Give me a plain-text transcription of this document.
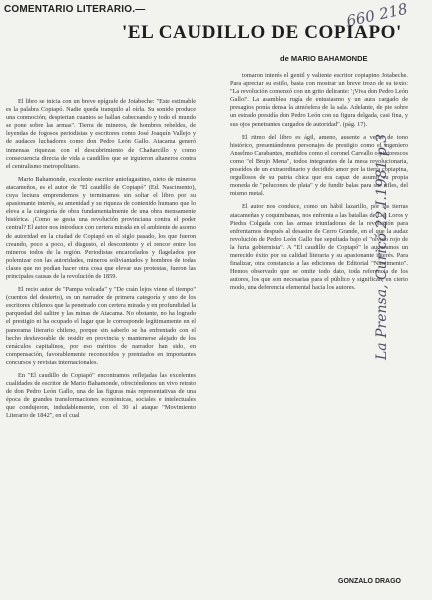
COMENTARIO LITERARIO.—	660 218
'EL CAUDILLO DE COPIAPO'
de MARIO BAHAMONDE

El libro se inicia con un breve epígrafe de Jotabeche: "Este estimable es la palabra Copiapó. Nadie queda tranquilo al oírla. Su sonido produce una conmoción; despiertan cuantos se hallan cabeceando y todo el mundo se pone sobre las armas". Tierra de mineros, de hombres rebeldes, de leyendas de fogosos periodistas y escritores como José Joaquín Vallejo y de audaces luchadores como don Pedro León Gallo. Atacama generó inmensas riquezas con el descubrimiento de Chañarcillo y como consecuencia directa de vida a caudillos que se irguieron altaneros contra el centralismo metropolitano.

Mario Bahamonde, excelente escritor antofagastino, nieto de mineros atacameños, es el autor de "El caudillo de Copiapó" (Ed. Nascimento), cuya lectura emprendemos y terminamos sin soltar el libro por su apasionante interés, su amenidad y su riqueza de contenido humano que lo eleva a la categoría de obra fundamentalmente de una obra mensamente histórica. ¡Como se gesta una revolución provinciana contra el poder central? El autor nos introduce con certera mirada en el ambiente de asomo de autoridad en la ciudad de Copiapó en el siglo pasado, los que fueron creando, poco a poco, el disgusto, el descontento y el rencor entre los mineros todos de la región. Periodistas encarcelados y flagelados por polemizar con las autoridades, mineros soliviantados y hombres de todas clases que no podían hacer otra cosa que elevar sus protestas, fueron las principales causas de la revolución de 1859.

El recio autor de "Pampa volcada" y "De cuán lejos viene el tiempo" (cuentos del desierto), es un narrador de primera categoría y uno de los escritores chilenos que la penetrado con certera mirada y en profundidad la parquedad del salitre y las minas de Atacama. No obstante, no ha logrado el prestigio ni ha ocupado el lugar que le corresponde legítimamente en el panorama literario chileno, porque sin saberlo se ha enfrentado con el hecho desfavorable de residir en provincia y mantenerse alejado de los cenáculos capitalinos, por eso méritos de narrador han sido, en compensación, favorablemente reconocidos y premiados en importantes concursos y revistas internacionales.

En "El caudillo de Copiapó" encontramos reflejadas las excelentes cualidades de escritor de Mario Bahamonde, ofreciéndonos un vivo retrato de don Pedro León Gallo, una de las figuras más representativas de una época de grandes transformaciones económicas, sociales e intelectuales que condujeron, indudablemente, con el 30 al ataque "Movimiento Literario de 1842", en el cual

tomaron interés el gentil y valiente escritor copiapino Jotabeche. Para apreciar su estilo, basta con mostrar un breve trozo de su texto: "La revolución comenzó con un grito delirante: '¡Viva don Pedro León Gallo!'. La asamblea rugía de entusiasmo y un aura cargado de presagios ponía densa la atmósfera de la sala. Adelante, de pie sobre un estrado presidía don Pedro León con su figura delgada, casi fina, y sus ojos penetrantes cargados de autoridad". (pág. 17).

El ritmo del libro es ágil, ameno, ausente a veces de tono histórico, presentándonos personajes de prestigio como el ingeniero Anselmo Carabantes, muñidos como el coronel Carvallo o pintorescos como "el Brujo Mena", todos integrantes de la mesa revolucionaria, poseídos de un extraordinario y decidido amor por la tierra copiapina, orgullosos de su patria chica que era capaz de asumir su propia moneda de "pelucones de plata" y de fundir balas para sus rifles, del mismo metal.

El autor nos conduce, como un hábil lazarillo, por las tierras atacameñas y coquimbanas, nos enfrenta a las batallas de Los Loros y Piedra Colgada con las armas triunfadoras de la revolución para enfrentarnos después al desastre de Cerro Grande, en el que la audaz revolución de Pedro León Gallo fue sepultada bajo el "olvido rojo de la furia gobiernista". A "El caudillo de Copiapó" le auguramos un merecido éxito por su calidad literaria y su apasionante interés. Para finalizar, otra constancia a las ediciones de Editorial "Nascimento". Hemos observado que se omite todo dato, toda referencia de los autores, los que son necesarias para el público y significan, en cierto modo, una deferencia elemental hacia los autores.

GONZALO DRAGO
La Prensa, Curicó 22.I.1981 p.3
